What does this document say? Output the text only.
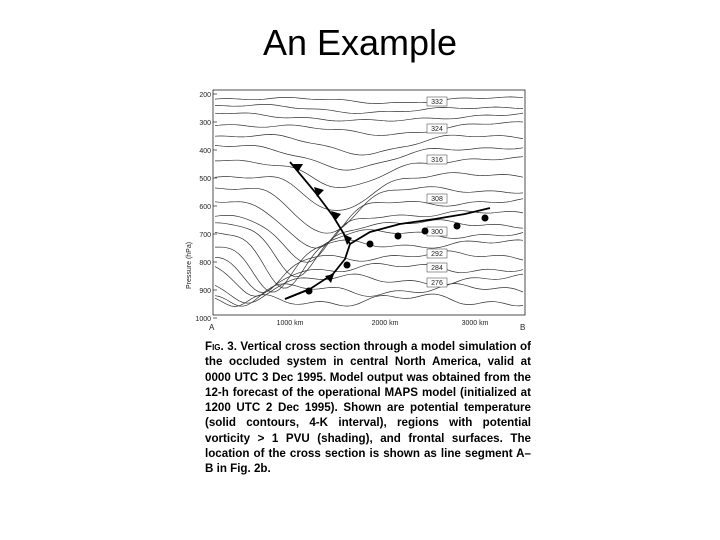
An Example
Pressure (hPa)
200
300
400
500
600
700
800
900
1000
1000 km	2000 km	3000 km
A	B
332
324
316
308
300
292
284
276

Fig. 3. Vertical cross section through a model simulation of the occluded system in central North America, valid at 0000 UTC 3 Dec 1995. Model output was obtained from the 12-h forecast of the operational MAPS model (initialized at 1200 UTC 2 Dec 1995). Shown are potential temperature (solid contours, 4-K interval), regions with potential vorticity > 1 PVU (shading), and frontal surfaces. The location of the cross section is shown as line segment A–B in Fig. 2b.
